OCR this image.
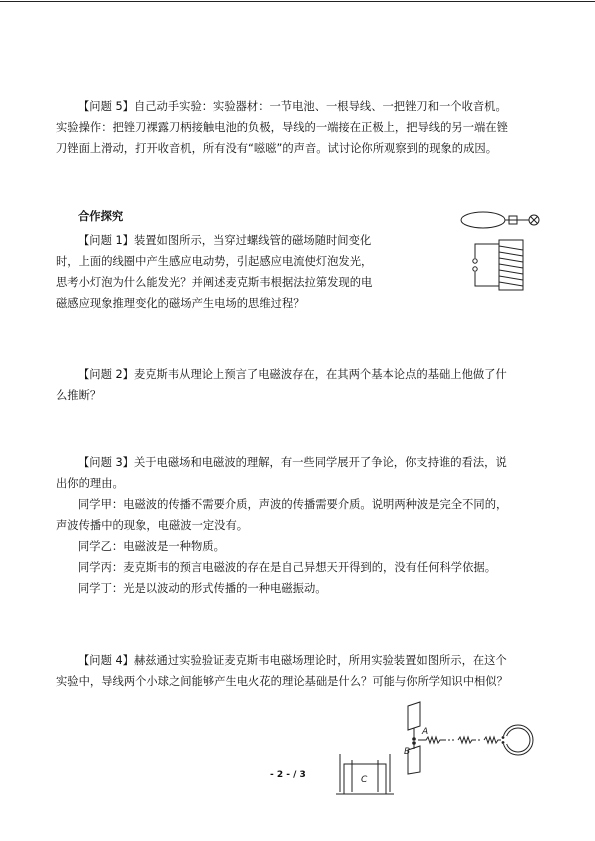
【问题 5】自己动手实验：实验器材：一节电池、一根导线、一把锉刀和一个收音机。
实验操作：把锉刀裸露刀柄接触电池的负极，导线的一端接在正极上，把导线的另一端在锉
刀锉面上滑动，打开收音机，所有没有“嗞嗞”的声音。试讨论你所观察到的现象的成因。
合作探究
【问题 1】装置如图所示，当穿过螺线管的磁场随时间变化
时，上面的线圈中产生感应电动势，引起感应电流使灯泡发光，
思考小灯泡为什么能发光？并阐述麦克斯韦根据法拉第发现的电
磁感应现象推理变化的磁场产生电场的思维过程？
【问题 2】麦克斯韦从理论上预言了电磁波存在，在其两个基本论点的基础上他做了什
么推断？
【问题 3】关于电磁场和电磁波的理解，有一些同学展开了争论，你支持谁的看法，说
出你的理由。
同学甲：电磁波的传播不需要介质，声波的传播需要介质。说明两种波是完全不同的，
声波传播中的现象，电磁波一定没有。
同学乙：电磁波是一种物质。
同学丙：麦克斯韦的预言电磁波的存在是自己异想天开得到的，没有任何科学依据。
同学丁：光是以波动的形式传播的一种电磁振动。
【问题 4】赫兹通过实验验证麦克斯韦电磁场理论时，所用实验装置如图所示，在这个
实验中，导线两个小球之间能够产生电火花的理论基础是什么？可能与你所学知识中相似？
A
B
C
- 2 - / 3
